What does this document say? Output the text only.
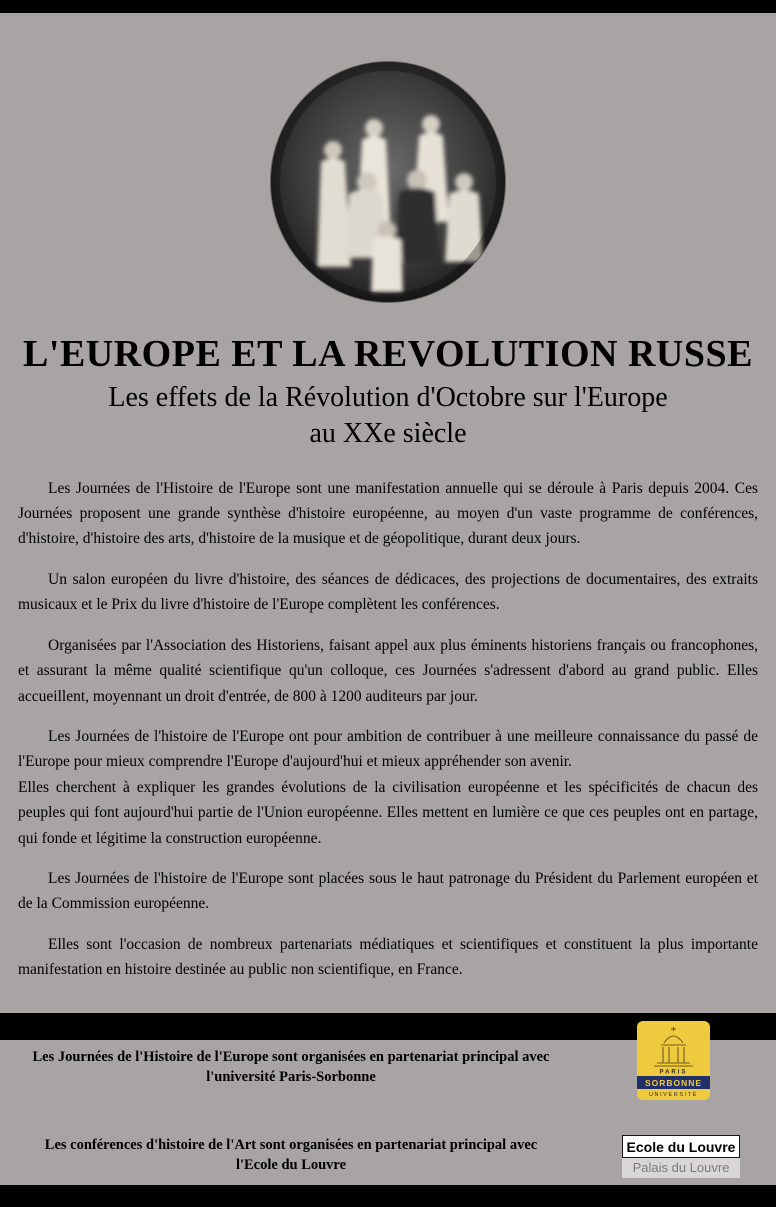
L'EUROPE ET LA REVOLUTION RUSSE
Les effets de la Révolution d'Octobre sur l'Europe
au XXe siècle

Les Journées de l'Histoire de l'Europe sont une manifestation annuelle qui se déroule à Paris depuis 2004. Ces Journées proposent une grande synthèse d'histoire européenne, au moyen d'un vaste programme de conférences, d'histoire, d'histoire des arts, d'histoire de la musique et de géopolitique, durant deux jours.

Un salon européen du livre d'histoire, des séances de dédicaces, des projections de documentaires, des extraits musicaux et le Prix du livre d'histoire de l'Europe complètent les conférences.

Organisées par l'Association des Historiens, faisant appel aux plus éminents historiens français ou francophones, et assurant la même qualité scientifique qu'un colloque, ces Journées s'adressent d'abord au grand public. Elles accueillent, moyennant un droit d'entrée, de 800 à 1200 auditeurs par jour.

Les Journées de l'histoire de l'Europe ont pour ambition de contribuer à une meilleure connaissance du passé de l'Europe pour mieux comprendre l'Europe d'aujourd'hui et mieux appréhender son avenir.

Elles cherchent à expliquer les grandes évolutions de la civilisation européenne et les spécificités de chacun des peuples qui font aujourd'hui partie de l'Union européenne. Elles mettent en lumière ce que ces peuples ont en partage, qui fonde et légitime la construction européenne.

Les Journées de l'histoire de l'Europe sont placées sous le haut patronage du Président du Parlement européen et de la Commission européenne.

Elles sont l'occasion de nombreux partenariats médiatiques et scientifiques et constituent la plus importante manifestation en histoire destinée au public non scientifique, en France.

Les Journées de l'Histoire de l'Europe sont organisées en partenariat principal avec
l'université Paris-Sorbonne	PARIS
SORBONNE
UNIVERSITÉ
Les conférences d'histoire de l'Art sont organisées en partenariat principal avec
l'Ecole du Louvre
Ecole du Louvre
Palais du Louvre
